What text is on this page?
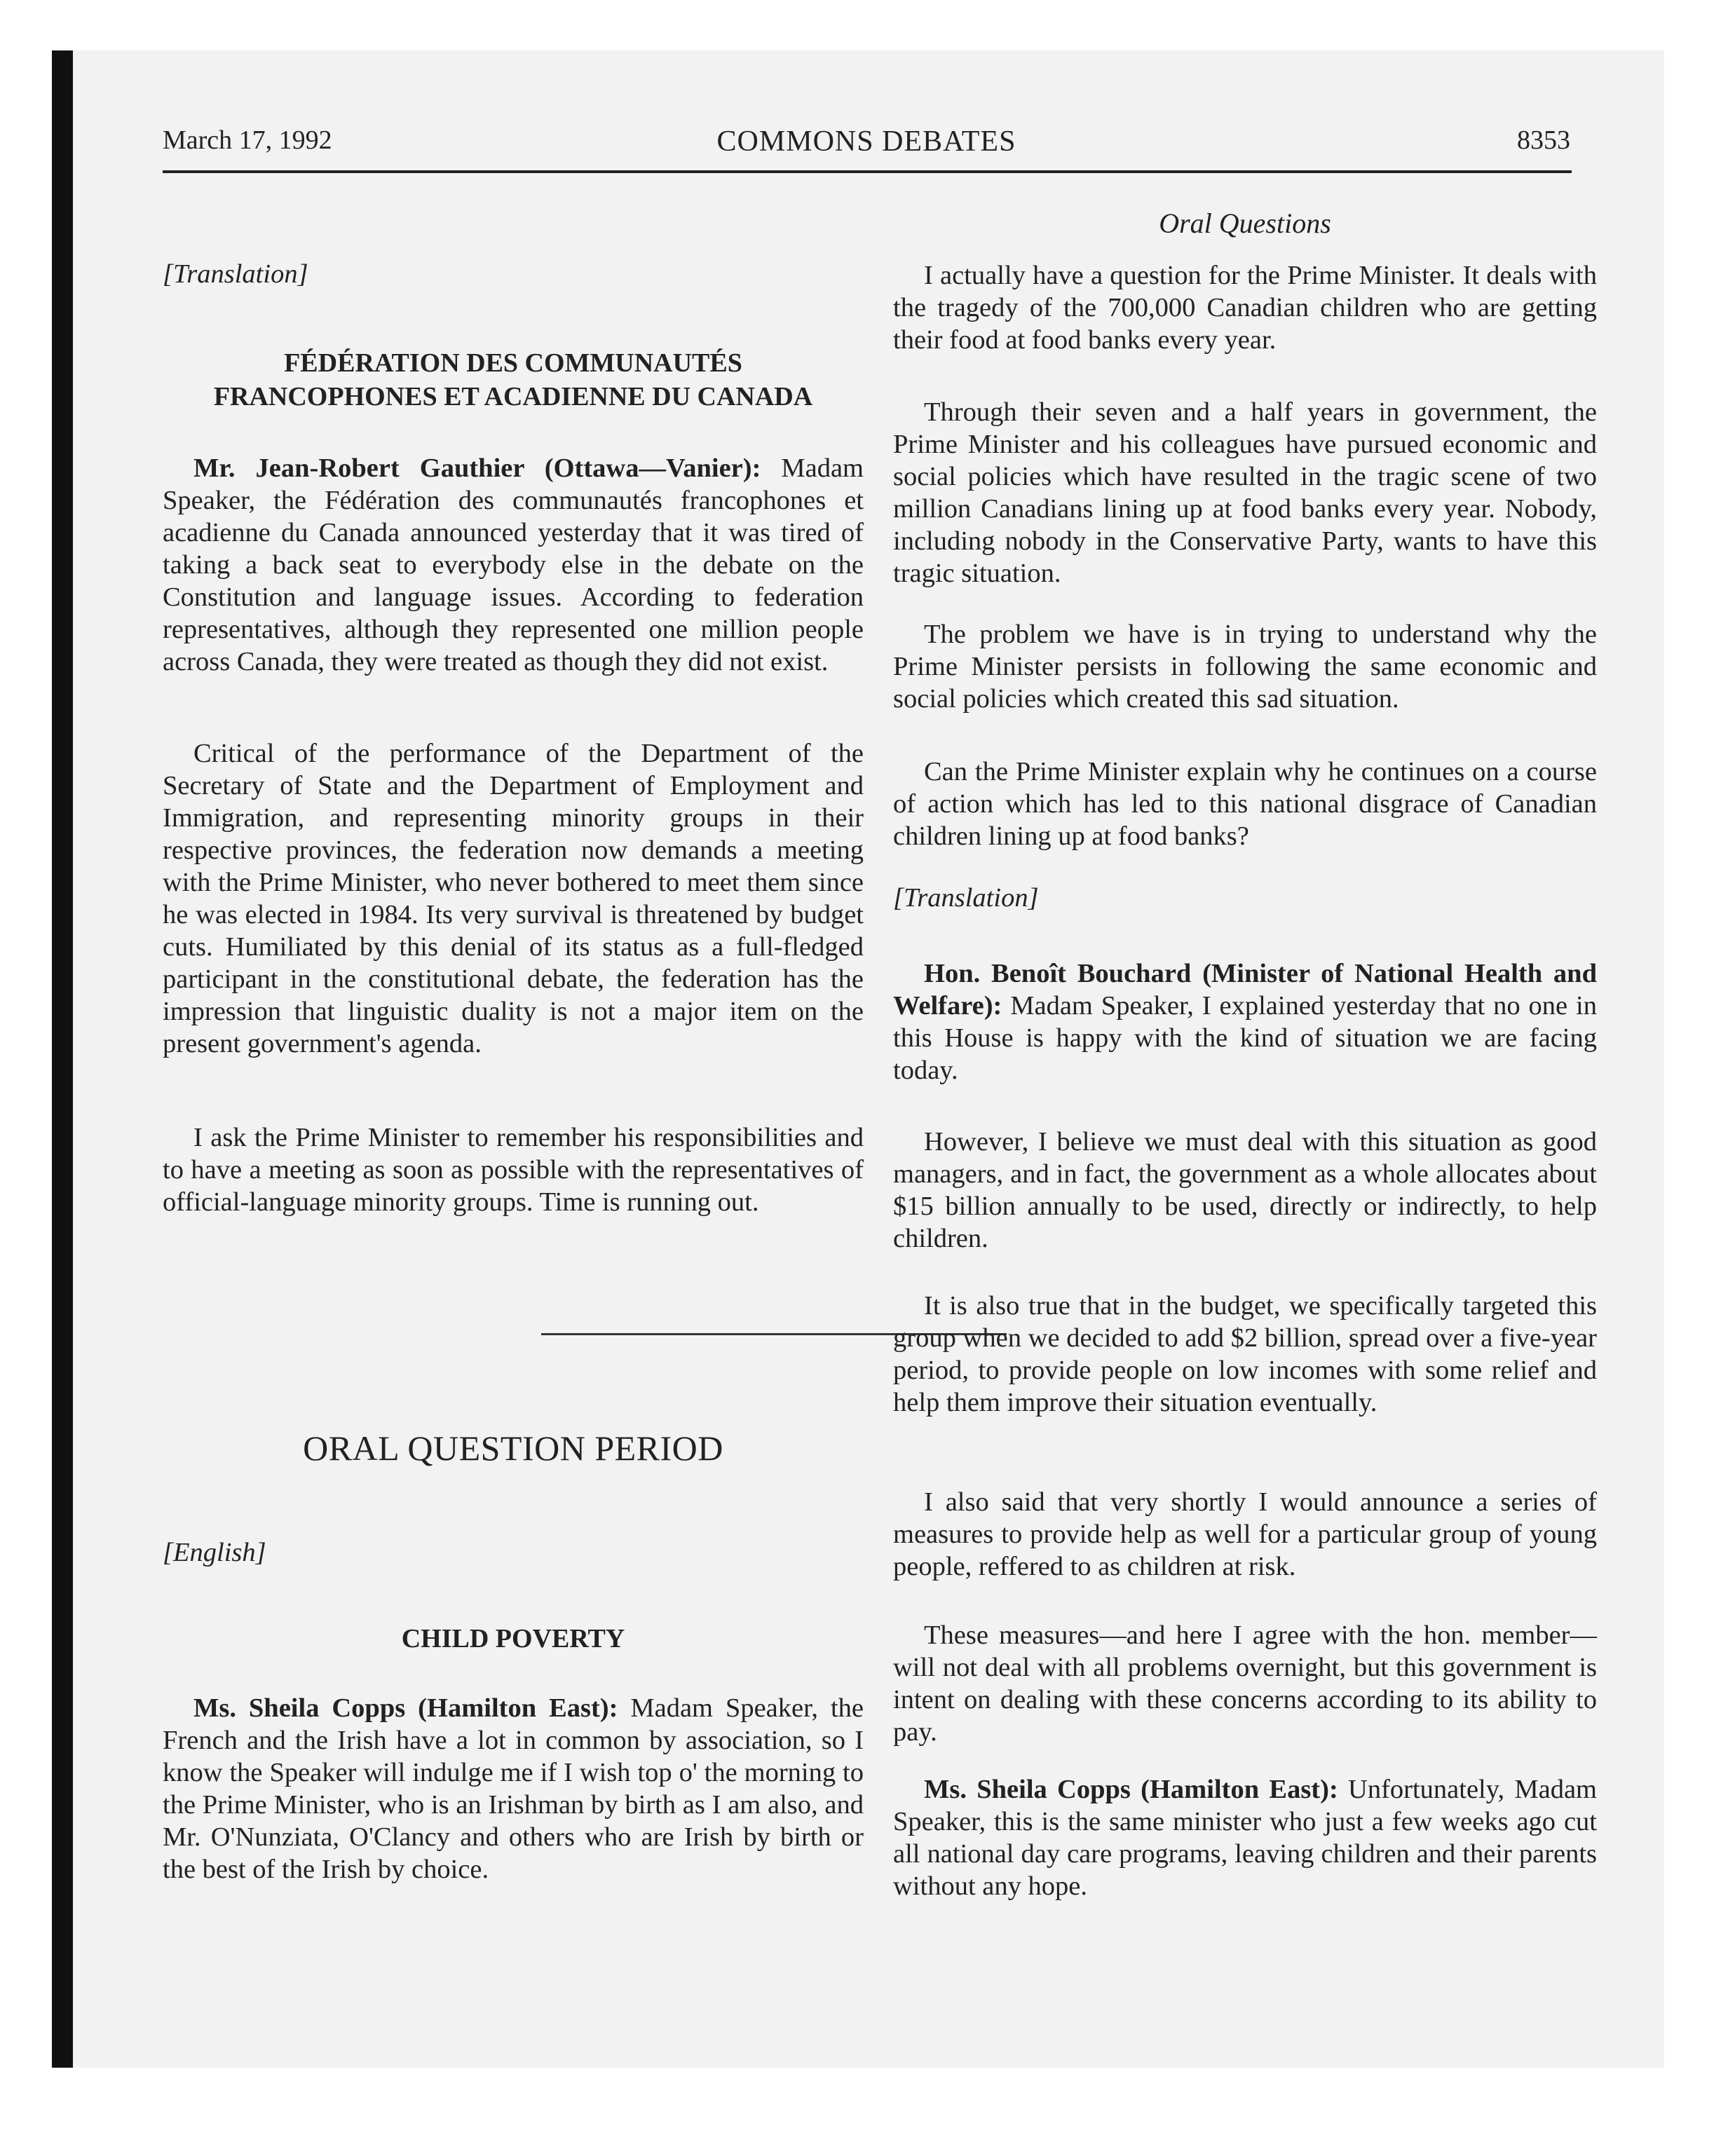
March 17, 1992	COMMONS DEBATES	8353
Oral Questions

[Translation]

FÉDÉRATION DES COMMUNAUTÉS
FRANCOPHONES ET ACADIENNE DU CANADA

Mr. Jean-Robert Gauthier (Ottawa—Vanier): Madam Speaker, the Fédération des communautés francophones et acadienne du Canada announced yesterday that it was tired of taking a back seat to everybody else in the debate on the Constitution and language issues. According to federation representatives, although they represented one million people across Canada, they were treated as though they did not exist.

Critical of the performance of the Department of the Secretary of State and the Department of Employment and Immigration, and representing minority groups in their respective provinces, the federation now demands a meeting with the Prime Minister, who never bothered to meet them since he was elected in 1984. Its very survival is threatened by budget cuts. Humiliated by this denial of its status as a full-fledged participant in the constitutional debate, the federation has the impression that linguistic duality is not a major item on the present government's agenda.

I ask the Prime Minister to remember his responsibilities and to have a meeting as soon as possible with the representatives of official-language minority groups. Time is running out.

ORAL QUESTION PERIOD

[English]

CHILD POVERTY

Ms. Sheila Copps (Hamilton East): Madam Speaker, the French and the Irish have a lot in common by association, so I know the Speaker will indulge me if I wish top o' the morning to the Prime Minister, who is an Irishman by birth as I am also, and Mr. O'Nunziata, O'Clancy and others who are Irish by birth or the best of the Irish by choice.

I actually have a question for the Prime Minister. It deals with the tragedy of the 700,000 Canadian children who are getting their food at food banks every year.

Through their seven and a half years in government, the Prime Minister and his colleagues have pursued economic and social policies which have resulted in the tragic scene of two million Canadians lining up at food banks every year. Nobody, including nobody in the Conservative Party, wants to have this tragic situation.

The problem we have is in trying to understand why the Prime Minister persists in following the same economic and social policies which created this sad situation.

Can the Prime Minister explain why he continues on a course of action which has led to this national disgrace of Canadian children lining up at food banks?

[Translation]

Hon. Benoît Bouchard (Minister of National Health and Welfare): Madam Speaker, I explained yesterday that no one in this House is happy with the kind of situation we are facing today.

However, I believe we must deal with this situation as good managers, and in fact, the government as a whole allocates about $15 billion annually to be used, directly or indirectly, to help children.

It is also true that in the budget, we specifically targeted this group when we decided to add $2 billion, spread over a five-year period, to provide people on low incomes with some relief and help them improve their situation eventually.

I also said that very shortly I would announce a series of measures to provide help as well for a particular group of young people, reffered to as children at risk.

These measures—and here I agree with the hon. member—will not deal with all problems overnight, but this government is intent on dealing with these concerns according to its ability to pay.

Ms. Sheila Copps (Hamilton East): Unfortunately, Madam Speaker, this is the same minister who just a few weeks ago cut all national day care programs, leaving children and their parents without any hope.
